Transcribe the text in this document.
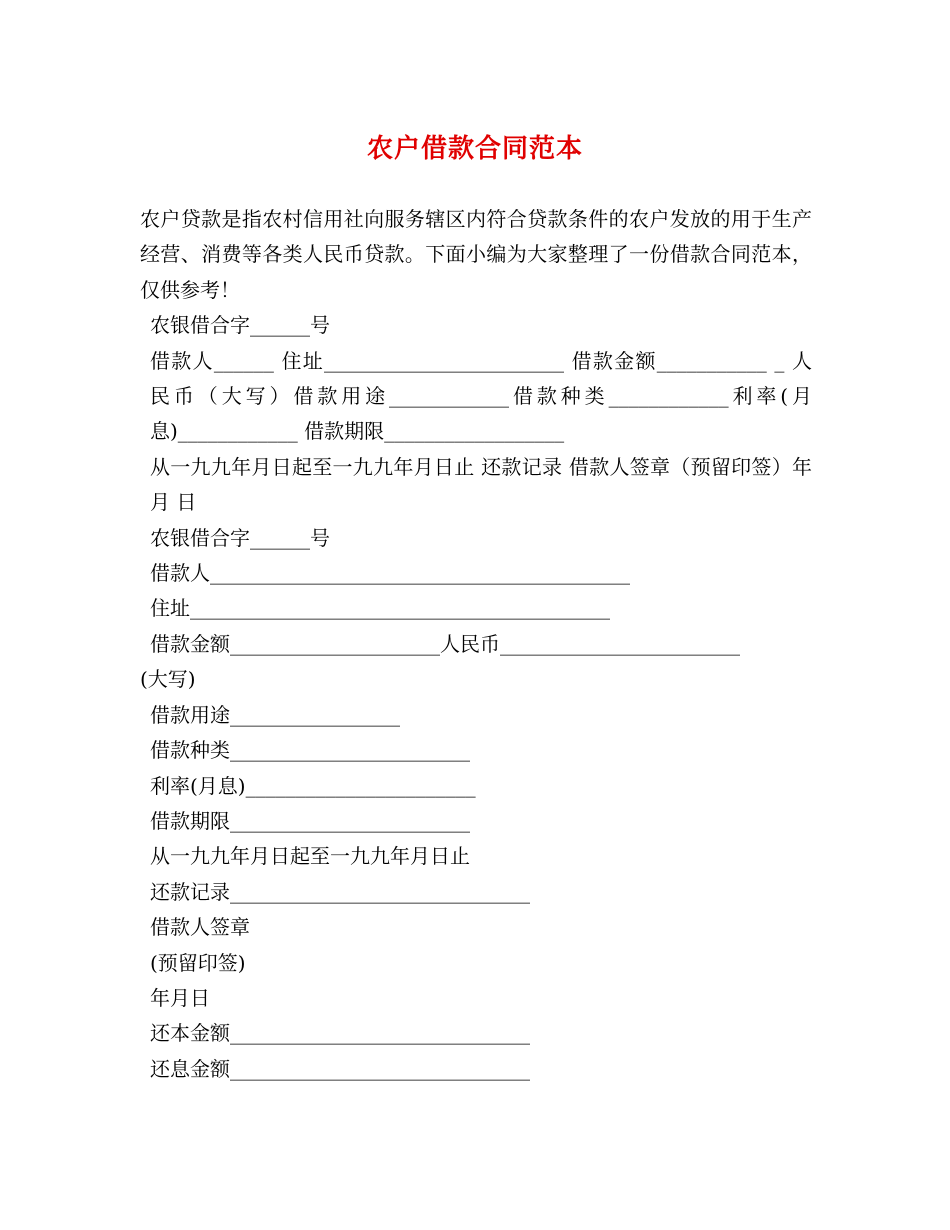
农户借款合同范本
农户贷款是指农村信用社向服务辖区内符合贷款条件的农户发放的用于生产经营、消费等各类人民币贷款。下面小编为大家整理了一份借款合同范本，仅供参考！
农银借合字______号
借款人______ 住址________________________ 借款金额___________ _ 人民币（大写）借款用途____________借款种类____________利率(月息)____________ 借款期限__________________
从一九九年月日起至一九九年月日止 还款记录 借款人签章（预留印签）年 月 日
农银借合字______号
借款人__________________________________________
住址__________________________________________
借款金额_____________________人民币________________________
(大写)
借款用途_________________
借款种类________________________
利率(月息)_______________________
借款期限________________________
从一九九年月日起至一九九年月日止
还款记录______________________________
借款人签章
(预留印签)
年月日
还本金额______________________________
还息金额______________________________
